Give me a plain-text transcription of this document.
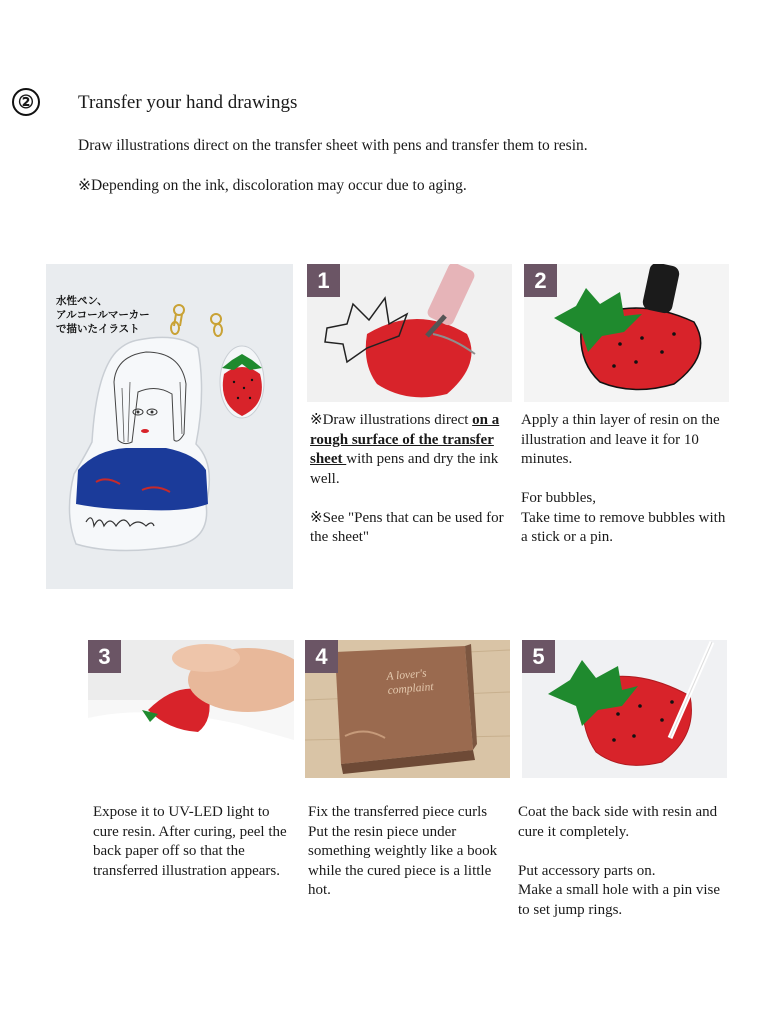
②	Transfer your hand drawings
Draw illustrations direct on the transfer sheet with pens and transfer them to resin.
※Depending on the ink, discoloration may occur due to aging.
水性ペン、
アルコールマーカー
で描いたイラスト
1	2

※Draw illustrations direct on a rough surface of the transfer sheet with pens and dry the ink well.

※See "Pens that can be used for the sheet"

Apply a thin layer of resin on the illustration and leave it for 10 minutes.

For bubbles,

Take time to remove bubbles with a stick or a pin.

3
A lover's
complaint
4	5

Expose it to UV-LED light to cure resin. After curing, peel the back paper off so that the transferred illustration appears.

Fix the transferred piece curls

Put the resin piece under something weightly like a book while the cured piece is a little hot.

Coat the back side with resin and cure it completely.

Put accessory parts on.

Make a small hole with a pin vise to set jump rings.
